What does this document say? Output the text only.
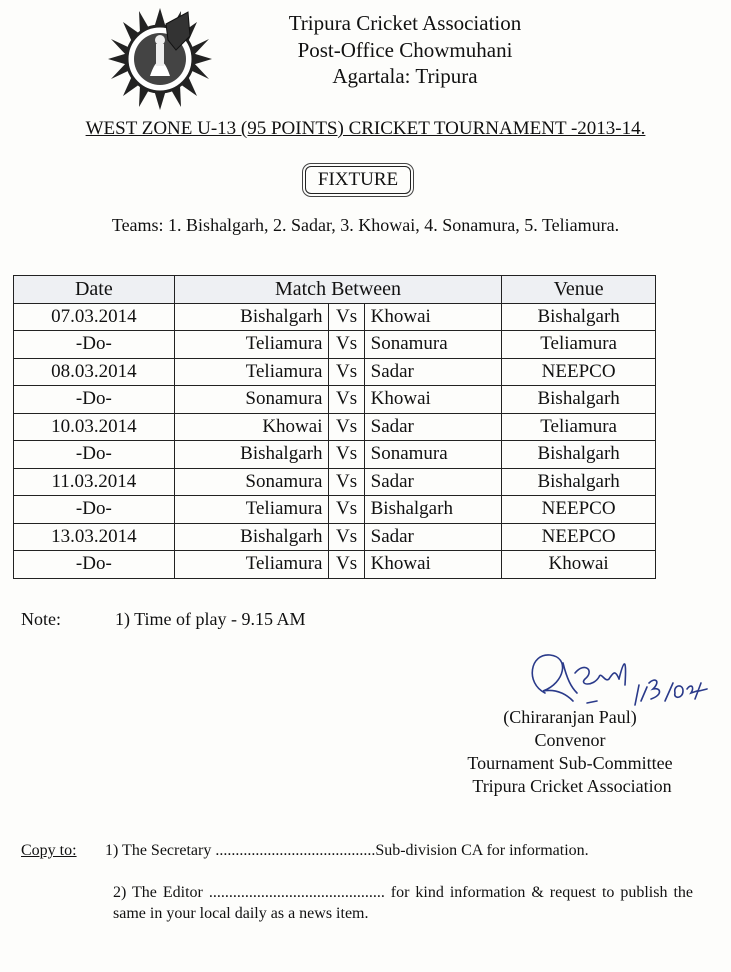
Tripura Cricket Association
Post-Office Chowmuhani
Agartala: Tripura
WEST ZONE U-13 (95 POINTS) CRICKET TOURNAMENT -2013-14.
FIXTURE
Teams: 1. Bishalgarh, 2. Sadar, 3. Khowai, 4. Sonamura, 5. Teliamura.
Date	Match Between			Venue
07.03.2014	Bishalgarh	Vs	Khowai	Bishalgarh
-Do-	Teliamura	Vs	Sonamura	Teliamura
08.03.2014	Teliamura	Vs	Sadar	NEEPCO
-Do-	Sonamura	Vs	Khowai	Bishalgarh
10.03.2014	Khowai	Vs	Sadar	Teliamura
-Do-	Bishalgarh	Vs	Sonamura	Bishalgarh
11.03.2014	Sonamura	Vs	Sadar	Bishalgarh
-Do-	Teliamura	Vs	Bishalgarh	NEEPCO
13.03.2014	Bishalgarh	Vs	Sadar	NEEPCO
-Do-	Teliamura	Vs	Khowai	Khowai
Note:	1) Time of play - 9.15 AM
(Chiraranjan Paul)
Convenor
Tournament Sub-Committee
Tripura Cricket Association
Copy to: 1) The Secretary ........................................Sub-division CA for information.
2) The Editor ............................................ for kind information & request to publish the same in your local daily as a news item.
